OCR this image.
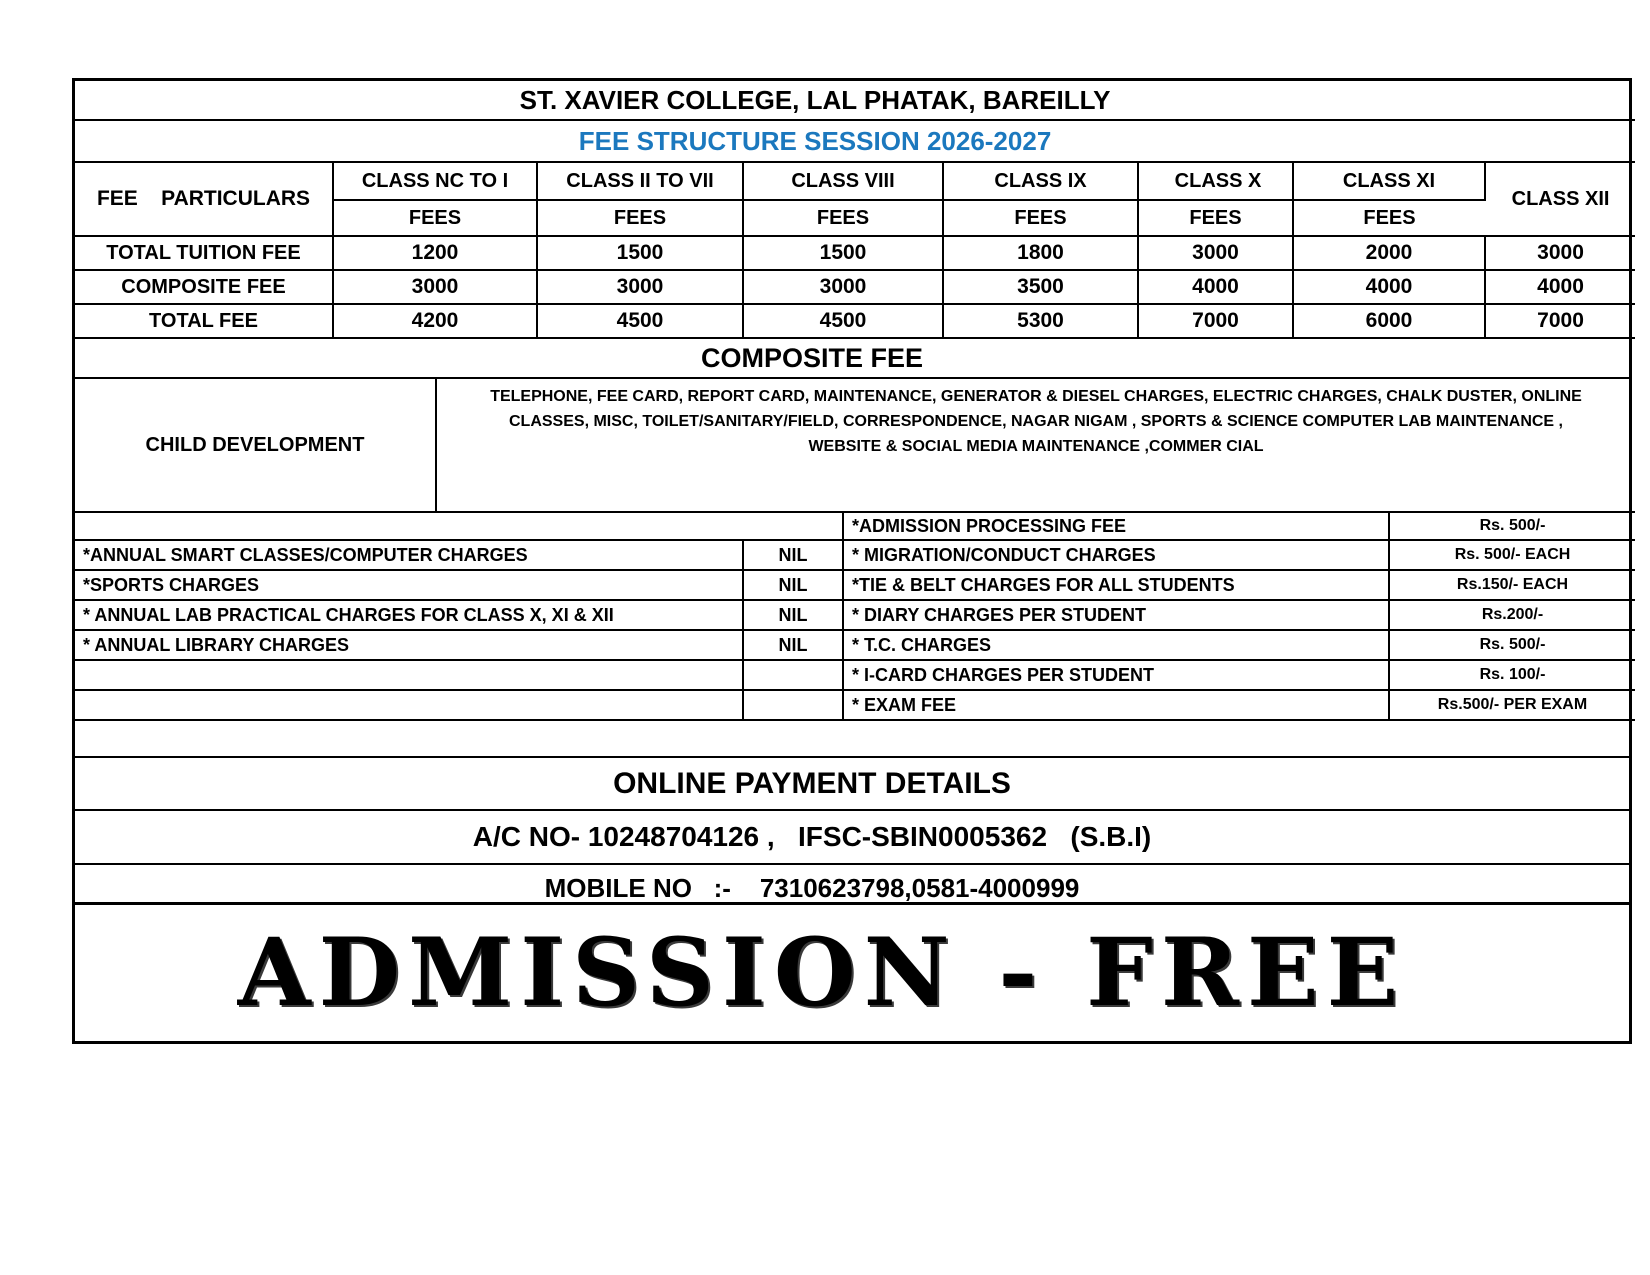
ST. XAVIER COLLEGE, LAL PHATAK, BAREILLY							
FEE STRUCTURE SESSION 2026-2027							
FEE    PARTICULARS	CLASS NC TO I	CLASS II TO VII	CLASS VIII	CLASS IX	CLASS X	CLASS XI	CLASS XII
	FEES	FEES	FEES	FEES	FEES	FEES	
TOTAL TUITION FEE	1200	1500	1500	1800	3000	2000	3000
COMPOSITE FEE	3000	3000	3000	3500	4000	4000	4000
TOTAL FEE	4200	4500	4500	5300	7000	6000	7000
COMPOSITE FEE
CHILD DEVELOPMENT	
TELEPHONE, FEE CARD, REPORT CARD, MAINTENANCE, GENERATOR & DIESEL CHARGES, ELECTRIC CHARGES, CHALK DUSTER, ONLINE
CLASSES, MISC, TOILET/SANITARY/FIELD, CORRESPONDENCE, NAGAR NIGAM , SPORTS & SCIENCE COMPUTER LAB MAINTENANCE ,
WEBSITE & SOCIAL MEDIA MAINTENANCE ,COMMER CIAL
		*ADMISSION PROCESSING FEE	Rs. 500/-
*ANNUAL SMART CLASSES/COMPUTER CHARGES	NIL	* MIGRATION/CONDUCT CHARGES	Rs. 500/- EACH
*SPORTS CHARGES	NIL	*TIE & BELT CHARGES FOR ALL STUDENTS	Rs.150/- EACH
* ANNUAL LAB PRACTICAL CHARGES FOR CLASS X, XI & XII	NIL	* DIARY CHARGES PER STUDENT	Rs.200/-
* ANNUAL LIBRARY CHARGES	NIL	* T.C. CHARGES	Rs. 500/-
		* I-CARD CHARGES PER STUDENT	Rs. 100/-
		* EXAM FEE	Rs.500/- PER EXAM
ONLINE PAYMENT DETAILS
A/C NO- 10248704126 ,   IFSC-SBIN0005362   (S.B.I)
MOBILE NO   :-    7310623798,0581-4000999
ADMISSION - FREE
